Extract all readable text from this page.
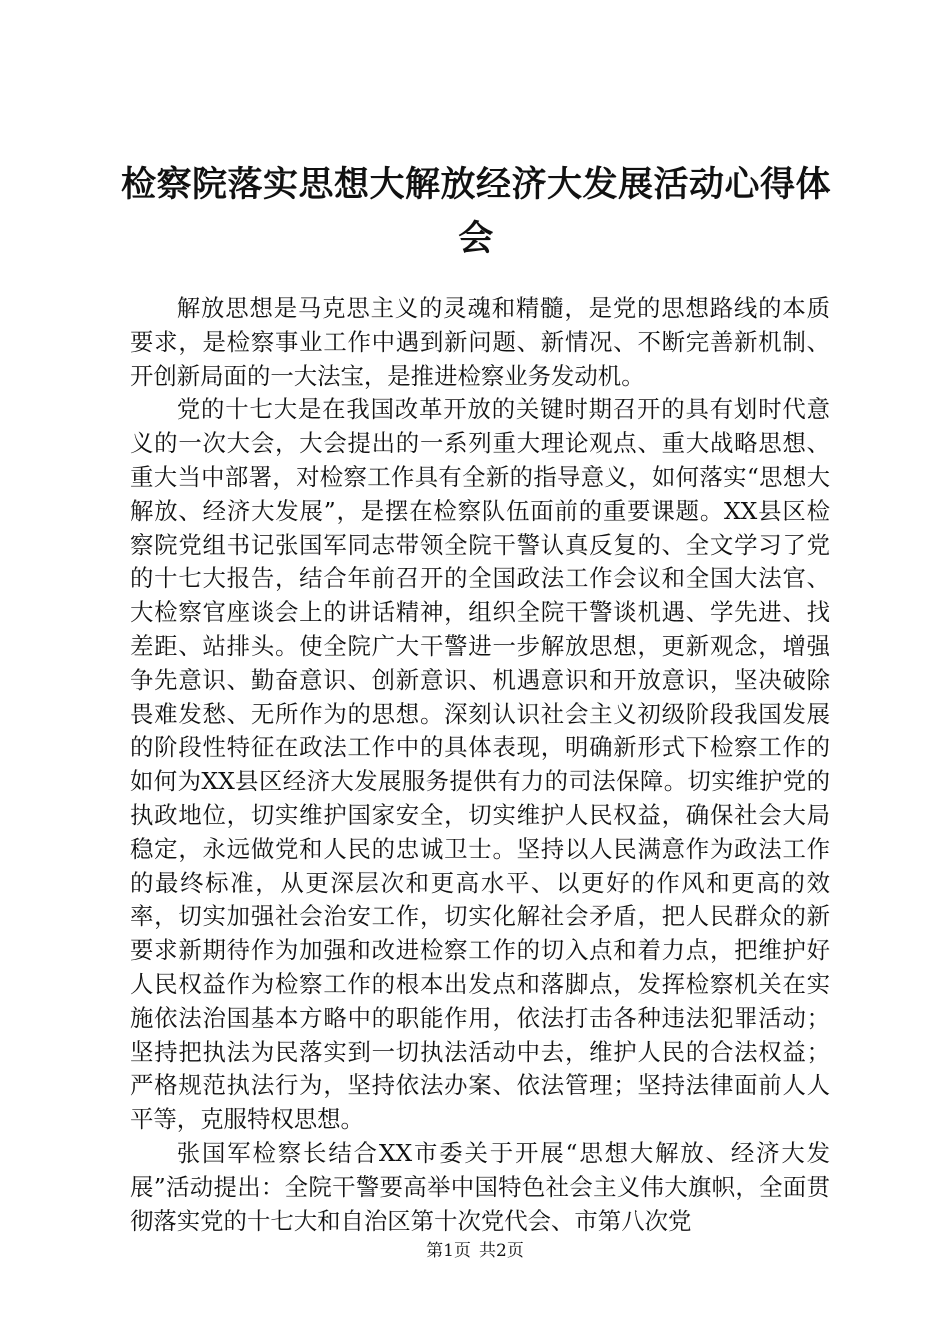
检察院落实思想大解放经济大发展活动心得体会

解放思想是马克思主义的灵魂和精髓，是党的思想路线的本质要求，是检察事业工作中遇到新问题、新情况、不断完善新机制、开创新局面的一大法宝，是推进检察业务发动机。

党的十七大是在我国改革开放的关键时期召开的具有划时代意义的一次大会，大会提出的一系列重大理论观点、重大战略思想、重大当中部署，对检察工作具有全新的指导意义，如何落实“思想大解放、经济大发展”，是摆在检察队伍面前的重要课题。XX县区检察院党组书记张国军同志带领全院干警认真反复的、全文学习了党的十七大报告，结合年前召开的全国政法工作会议和全国大法官、大检察官座谈会上的讲话精神，组织全院干警谈机遇、学先进、找差距、站排头。使全院广大干警进一步解放思想，更新观念，增强争先意识、勤奋意识、创新意识、机遇意识和开放意识，坚决破除畏难发愁、无所作为的思想。深刻认识社会主义初级阶段我国发展的阶段性特征在政法工作中的具体表现，明确新形式下检察工作的如何为XX县区经济大发展服务提供有力的司法保障。切实维护党的执政地位，切实维护国家安全，切实维护人民权益，确保社会大局稳定，永远做党和人民的忠诚卫士。坚持以人民满意作为政法工作的最终标准，从更深层次和更高水平、以更好的作风和更高的效率，切实加强社会治安工作，切实化解社会矛盾，把人民群众的新要求新期待作为加强和改进检察工作的切入点和着力点，把维护好人民权益作为检察工作的根本出发点和落脚点，发挥检察机关在实施依法治国基本方略中的职能作用，依法打击各种违法犯罪活动；坚持把执法为民落实到一切执法活动中去，维护人民的合法权益；严格规范执法行为，坚持依法办案、依法管理；坚持法律面前人人平等，克服特权思想。

张国军检察长结合XX市委关于开展“思想大解放、经济大发展”活动提出：全院干警要高举中国特色社会主义伟大旗帜，全面贯彻落实党的十七大和自治区第十次党代会、市第八次党

第1页 共2页
